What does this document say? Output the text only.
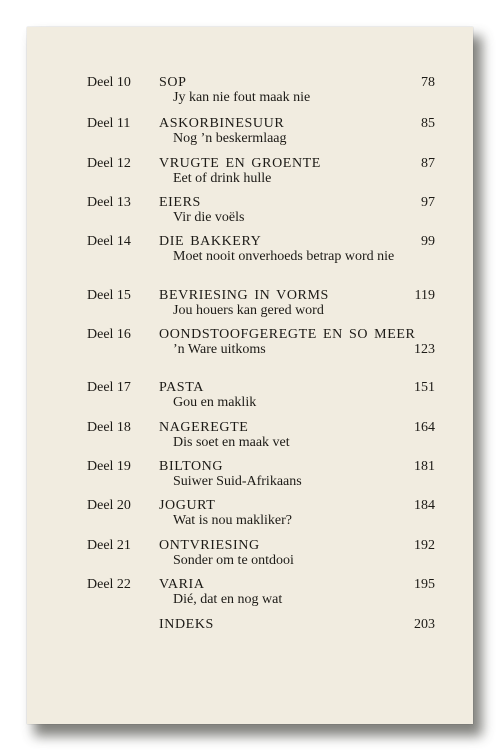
Deel 10	SOP
Jy kan nie fout maak nie
78
Deel 11	ASKORBINESUUR
Nog ’n beskermlaag
85
Deel 12	VRUGTE EN GROENTE
Eet of drink hulle
87
Deel 13	EIERS
Vir die voëls
97
Deel 14	DIE BAKKERY
Moet nooit onverhoeds betrap word nie
99
Deel 15	BEVRIESING IN VORMS
Jou houers kan gered word
119
Deel 16	OONDSTOOFGEREGTE EN SO MEER
’n Ware uitkoms	123
Deel 17	PASTA
Gou en maklik
151
Deel 18	NAGEREGTE
Dis soet en maak vet
164
Deel 19	BILTONG
Suiwer Suid-Afrikaans
181
Deel 20	JOGURT
Wat is nou makliker?
184
Deel 21	ONTVRIESING
Sonder om te ontdooi
192
Deel 22	VARIA
Dié, dat en nog wat
195
INDEKS	203
